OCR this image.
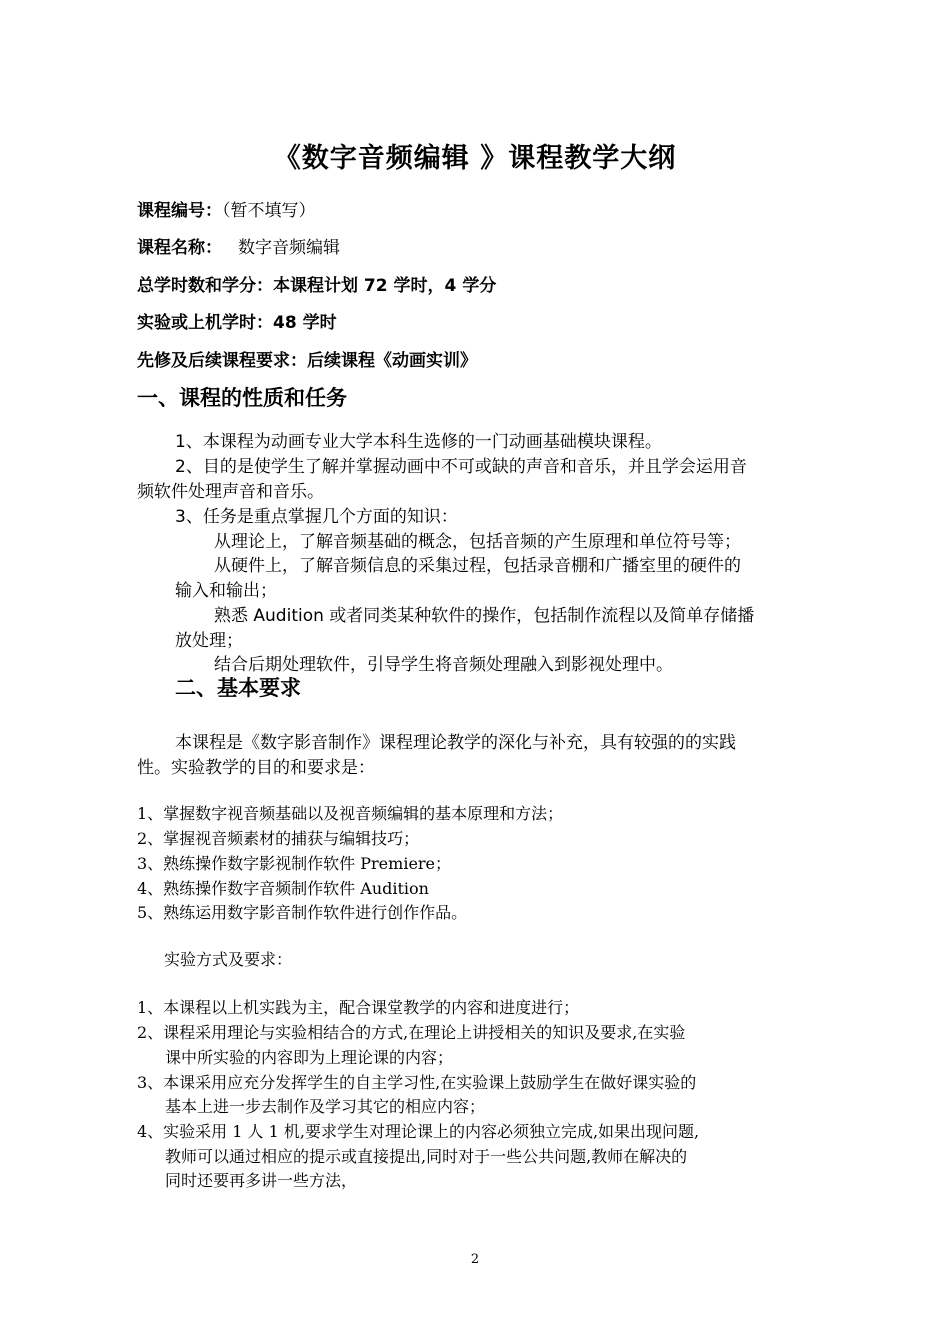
《数字音频编辑 》课程教学大纲
课程编号：（暂不填写）
课程名称： 数字音频编辑
总学时数和学分：本课程计划 72 学时，4 学分
实验或上机学时：48 学时
先修及后续课程要求：后续课程《动画实训》
一、课程的性质和任务
1、本课程为动画专业大学本科生选修的一门动画基础模块课程。
2、目的是使学生了解并掌握动画中不可或缺的声音和音乐，并且学会运用音
频软件处理声音和音乐。
3、任务是重点掌握几个方面的知识：
从理论上，了解音频基础的概念，包括音频的产生原理和单位符号等；
从硬件上，了解音频信息的采集过程，包括录音棚和广播室里的硬件的
输入和输出；
熟悉 Audition 或者同类某种软件的操作，包括制作流程以及简单存储播
放处理；
结合后期处理软件，引导学生将音频处理融入到影视处理中。
二、基本要求
本课程是《数字影音制作》课程理论教学的深化与补充，具有较强的的实践
性。实验教学的目的和要求是：
1、掌握数字视音频基础以及视音频编辑的基本原理和方法；
2、掌握视音频素材的捕获与编辑技巧；
3、熟练操作数字影视制作软件 Premiere；
4、熟练操作数字音频制作软件 Audition
5、熟练运用数字影音制作软件进行创作作品。
实验方式及要求：
1、本课程以上机实践为主，配合课堂教学的内容和进度进行；
2、课程采用理论与实验相结合的方式,在理论上讲授相关的知识及要求,在实验
课中所实验的内容即为上理论课的内容；
3、本课采用应充分发挥学生的自主学习性,在实验课上鼓励学生在做好课实验的
基本上进一步去制作及学习其它的相应内容；
4、实验采用 1 人 1 机,要求学生对理论课上的内容必须独立完成,如果出现问题,
教师可以通过相应的提示或直接提出,同时对于一些公共问题,教师在解决的
同时还要再多讲一些方法，
2
